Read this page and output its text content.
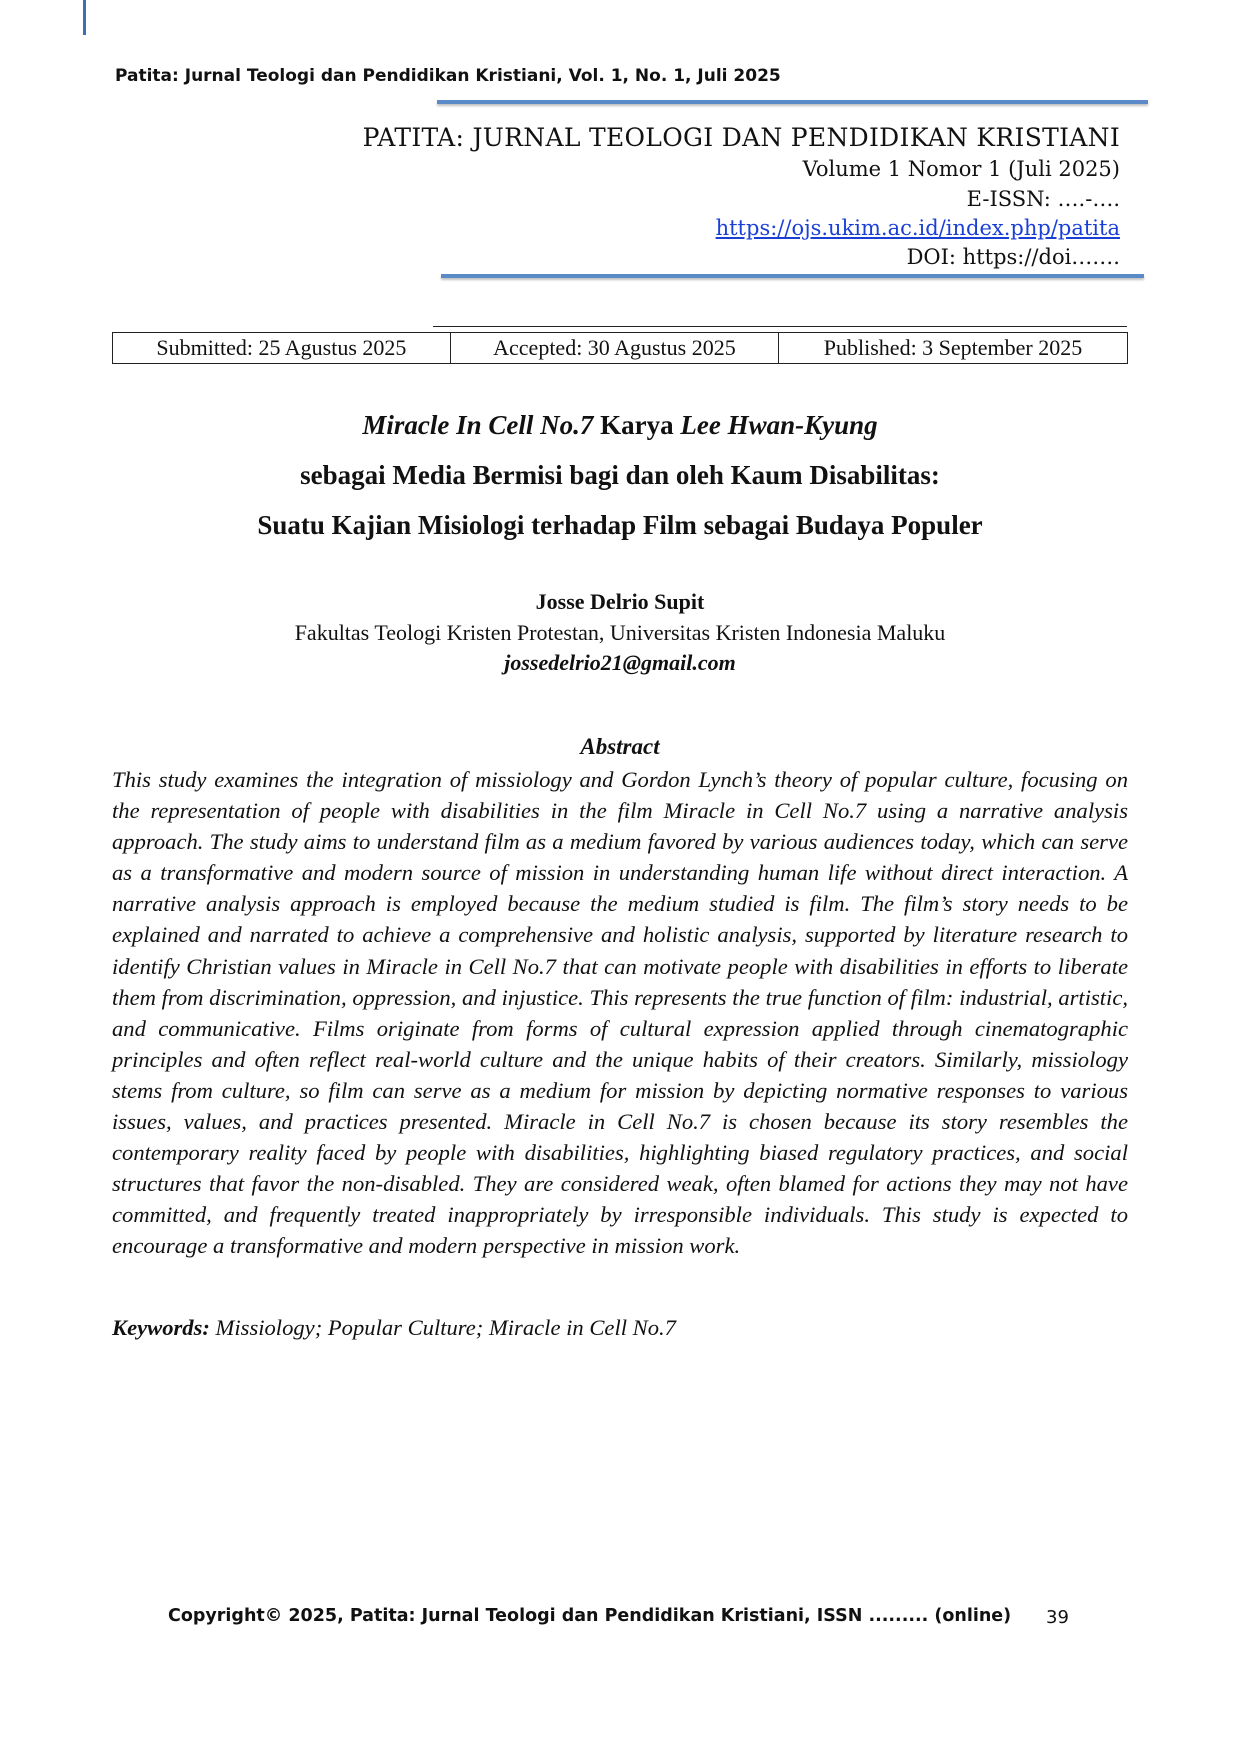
Patita: Jurnal Teologi dan Pendidikan Kristiani, Vol. 1, No. 1, Juli 2025
PATITA: JURNAL TEOLOGI DAN PENDIDIKAN KRISTIANI
Volume 1 Nomor 1 (Juli 2025)
E-ISSN: ….-….
https://ojs.ukim.ac.id/index.php/patita
DOI: https://doi…….
Submitted: 25 Agustus 2025	Accepted: 30 Agustus 2025	Published: 3 September 2025
Miracle In Cell No.7 Karya Lee Hwan-Kyung
sebagai Media Bermisi bagi dan oleh Kaum Disabilitas:
Suatu Kajian Misiologi terhadap Film sebagai Budaya Populer
Josse Delrio Supit
Fakultas Teologi Kristen Protestan, Universitas Kristen Indonesia Maluku
jossedelrio21@gmail.com
Abstract

This study examines the integration of missiology and Gordon Lynch’s theory of popular culture, focusing on the representation of people with disabilities in the film Miracle in Cell No.7 using a narrative analysis approach. The study aims to understand film as a medium favored by various audiences today, which can serve as a transformative and modern source of mission in understanding human life without direct interaction. A narrative analysis approach is employed because the medium studied is film. The film’s story needs to be explained and narrated to achieve a comprehensive and holistic analysis, supported by literature research to identify Christian values in Miracle in Cell No.7 that can motivate people with disabilities in efforts to liberate them from discrimination, oppression, and injustice. This represents the true function of film: industrial, artistic, and communicative. Films originate from forms of cultural expression applied through cinematographic principles and often reflect real-world culture and the unique habits of their creators. Similarly, missiology stems from culture, so film can serve as a medium for mission by depicting normative responses to various issues, values, and practices presented. Miracle in Cell No.7 is chosen because its story resembles the contemporary reality faced by people with disabilities, highlighting biased regulatory practices, and social structures that favor the non-disabled. They are considered weak, often blamed for actions they may not have committed, and frequently treated inappropriately by irresponsible individuals. This study is expected to encourage a transformative and modern perspective in mission work.

Keywords: Missiology; Popular Culture; Miracle in Cell No.7
Copyright© 2025, Patita: Jurnal Teologi dan Pendidikan Kristiani, ISSN ......... (online) 39
